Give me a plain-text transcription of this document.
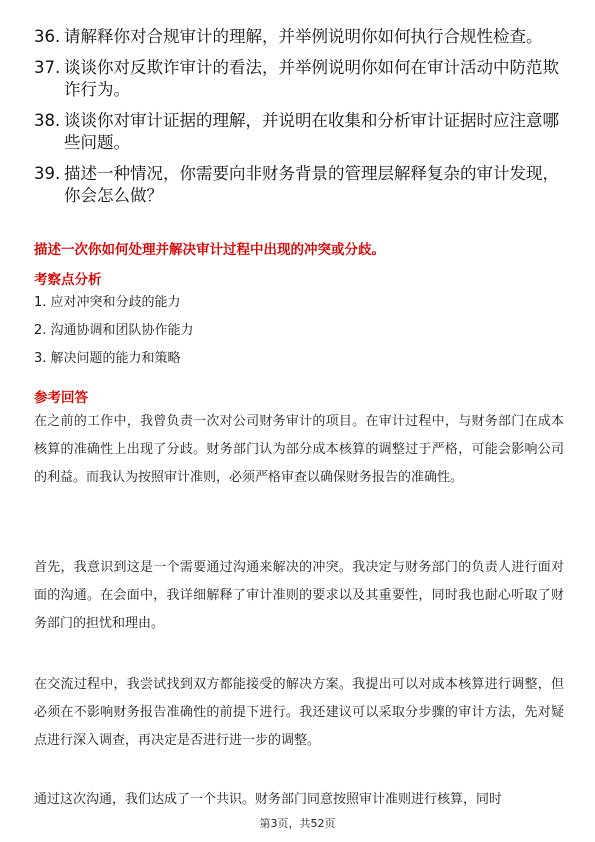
36. 请解释你对合规审计的理解，并举例说明你如何执行合规性检查。
37. 谈谈你对反欺诈审计的看法，并举例说明你如何在审计活动中防范欺诈行为。
38. 谈谈你对审计证据的理解，并说明在收集和分析审计证据时应注意哪些问题。
39. 描述一种情况，你需要向非财务背景的管理层解释复杂的审计发现，你会怎么做？
描述一次你如何处理并解决审计过程中出现的冲突或分歧。
考察点分析
1. 应对冲突和分歧的能力
2. 沟通协调和团队协作能力
3. 解决问题的能力和策略
参考回答
在之前的工作中，我曾负责一次对公司财务审计的项目。在审计过程中，与财务部门在成本核算的准确性上出现了分歧。财务部门认为部分成本核算的调整过于严格，可能会影响公司的利益。而我认为按照审计准则，必须严格审查以确保财务报告的准确性。
首先，我意识到这是一个需要通过沟通来解决的冲突。我决定与财务部门的负责人进行面对面的沟通。在会面中，我详细解释了审计准则的要求以及其重要性，同时我也耐心听取了财务部门的担忧和理由。
在交流过程中，我尝试找到双方都能接受的解决方案。我提出可以对成本核算进行调整，但必须在不影响财务报告准确性的前提下进行。我还建议可以采取分步骤的审计方法，先对疑点进行深入调查，再决定是否进行进一步的调整。
通过这次沟通，我们达成了一个共识。财务部门同意按照审计准则进行核算，同时
第3页，共52页
